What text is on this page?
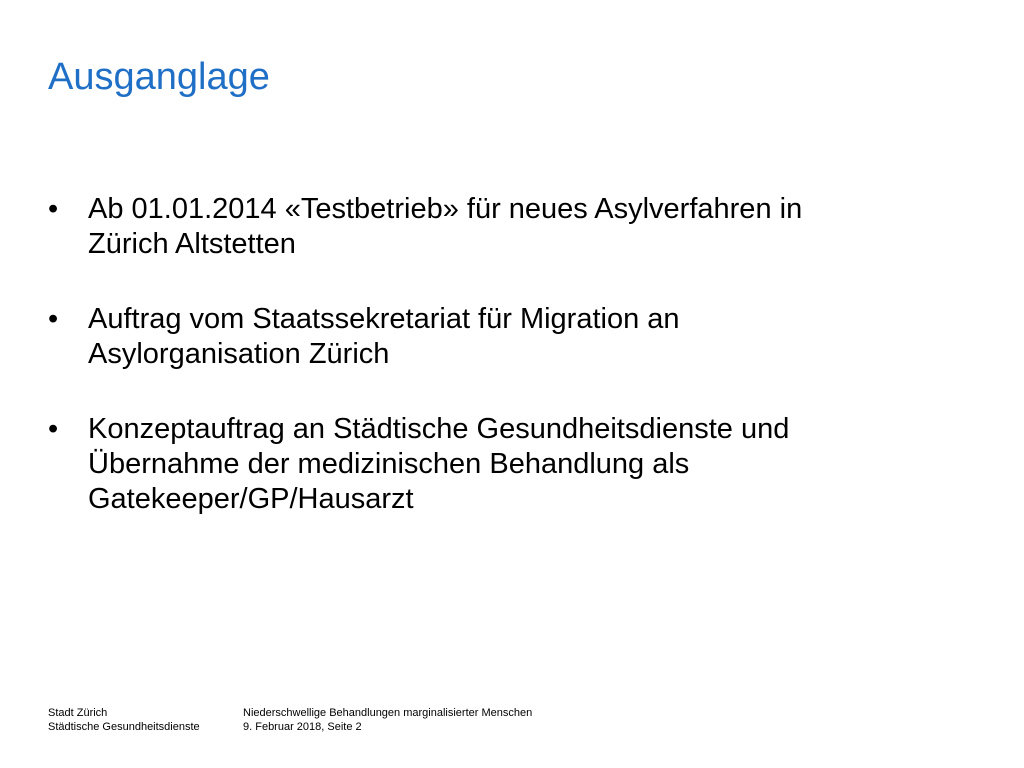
Ausganglage
•	Ab 01.01.2014 «Testbetrieb» für neues Asylverfahren in
Zürich Altstetten
•	Auftrag vom Staatssekretariat für Migration an
Asylorganisation Zürich
•	Konzeptauftrag an Städtische Gesundheitsdienste und
Übernahme der medizinischen Behandlung als
Gatekeeper/GP/Hausarzt
Stadt Zürich
Städtische Gesundheitsdienste
Niederschwellige Behandlungen marginalisierter Menschen
9. Februar 2018, Seite 2
